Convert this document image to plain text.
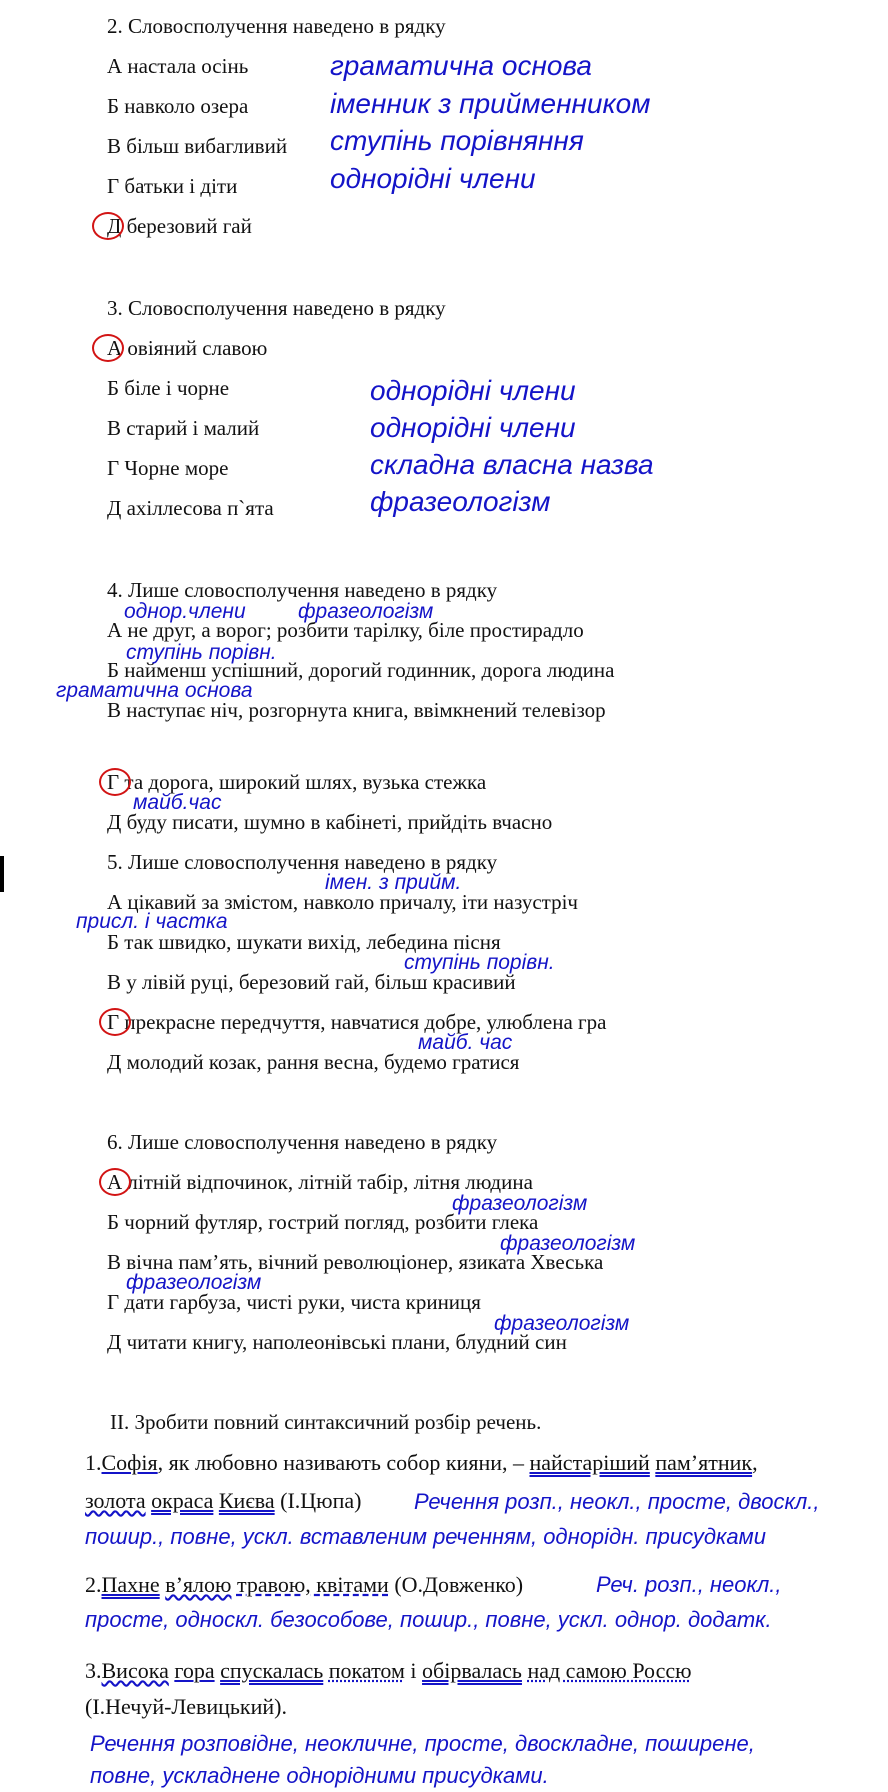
2. Словосполучення наведено в рядку
А настала осінь
Б навколо озера
В більш вибагливий
Г батьки і діти
Д березовий гай
граматична основа
іменник з прийменником
ступінь порівняння
однорідні члени
3. Словосполучення наведено в рядку
А овіяний славою
Б біле і чорне
В старий і малий
Г Чорне море
Д ахіллесова п`ята
однорідні члени
однорідні члени
складна власна назва
фразеологізм
4. Лише словосполучення наведено в рядку
А не друг, а ворог; розбити тарілку, біле простирадло
Б найменш успішний, дорогий годинник, дорога людина
В наступає ніч, розгорнута книга, ввімкнений телевізор
Г та дорога, широкий шлях, вузька стежка
Д буду писати, шумно в кабінеті, прийдіть вчасно
однор.члени фразеологізм
ступінь порівн.
граматична основа
майб.час
5. Лише словосполучення наведено в рядку
А цікавий за змістом, навколо причалу, іти назустріч
Б так швидко, шукати вихід, лебедина пісня
В у лівій руці, березовий гай, більш красивий
Г прекрасне передчуття, навчатися добре, улюблена гра
Д молодий козак, рання весна, будемо гратися
імен. з прийм.
присл. і частка
ступінь порівн.
майб. час
6. Лише словосполучення наведено в рядку
А літній відпочинок, літній табір, літня людина
Б чорний футляр, гострий погляд, розбити глека
В вічна пам’ять, вічний революціонер, язиката Хвеська
Г дати гарбуза, чисті руки, чиста криниця
Д читати книгу, наполеонівські плани, блудний син
фразеологізм
фразеологізм
фразеологізм
фразеологізм
ІІ. Зробити повний синтаксичний розбір речень.
1.Софія, як любовно називають собор кияни, – найстаріший пам’ятник,
золота окраса Києва (І.Цюпа) Речення розп., неокл., просте, двоскл.,
пошир., повне, ускл. вставленим реченням, однорідн. присудками
2.Пахне в’ялою травою, квітами (О.Довженко)	Реч. розп., неокл.,
просте, односкл. безособове, пошир., повне, ускл. однор. додатк.
3.Висока гора спускалась покатом і обірвалась над самою Россю
(І.Нечуй-Левицький).
Речення розповідне, неокличне, просте, двоскладне, поширене,
повне, ускладнене однорідними присудками.
